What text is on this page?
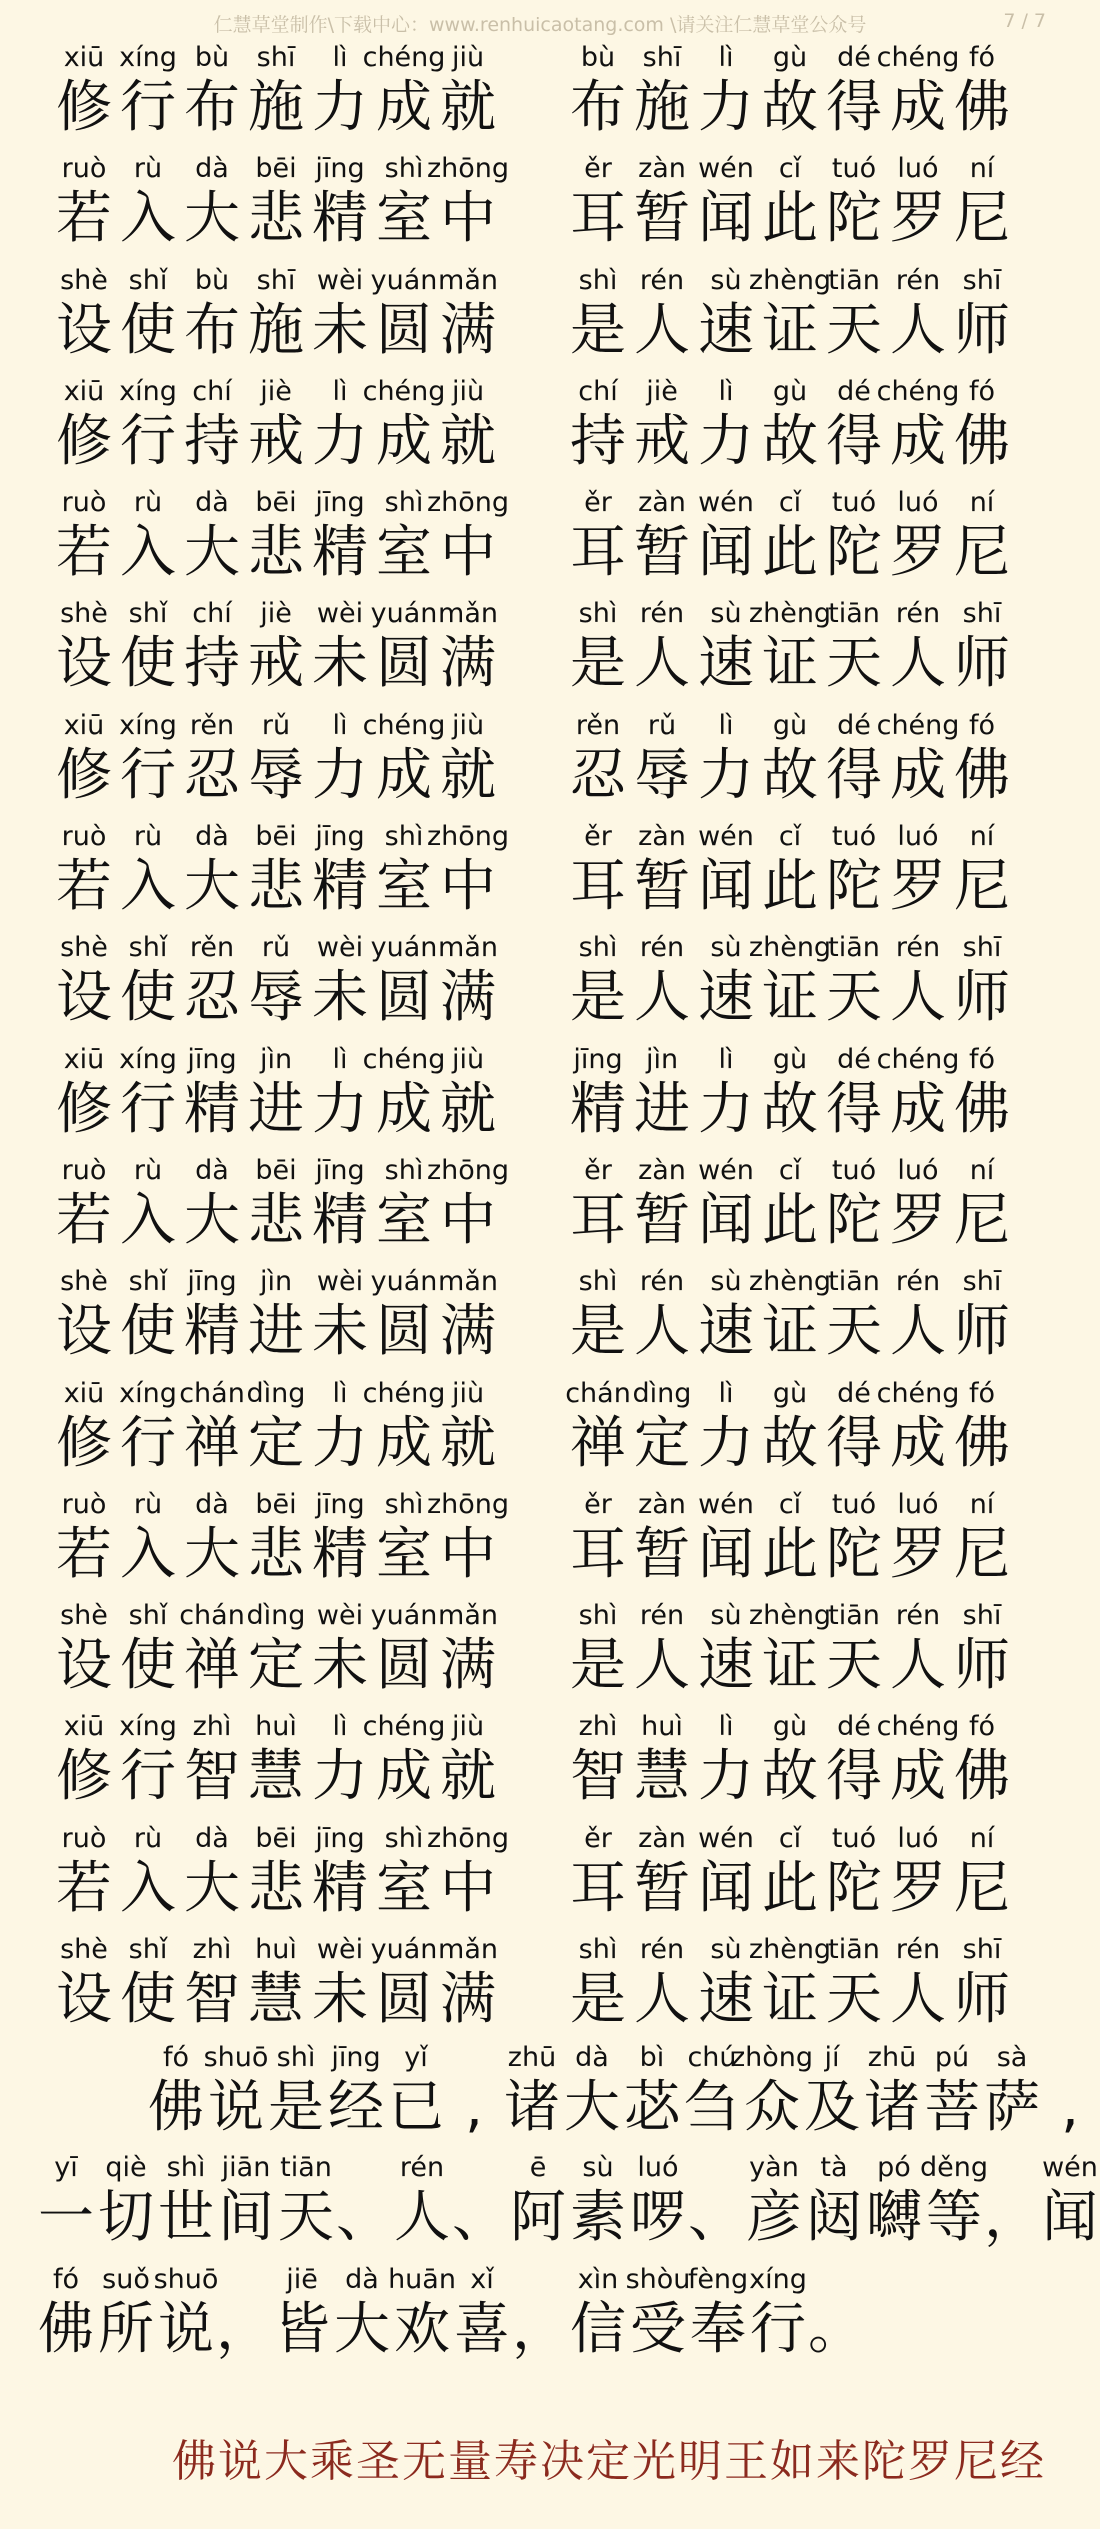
仁慧草堂制作\下载中心：www.renhuicaotang.com \请关注仁慧草堂公众号	7 / 7
xiū
修
xíng
行
bù
布
shī
施
lì
力
chéng
成
jiù
就
bù
布
shī
施
lì
力
gù
故
dé
得
chéng
成
fó
佛
ruò
若
rù
入
dà
大
bēi
悲
jīng
精
shì
室
zhōng
中
ěr
耳
zàn
暂
wén
闻
cǐ
此
tuó
陀
luó
罗
ní
尼
shè
设
shǐ
使
bù
布
shī
施
wèi
未
yuán
圆
mǎn
满
shì
是
rén
人
sù
速
zhèng
证
tiān
天
rén
人
shī
师
xiū
修
xíng
行
chí
持
jiè
戒
lì
力
chéng
成
jiù
就
chí
持
jiè
戒
lì
力
gù
故
dé
得
chéng
成
fó
佛
ruò
若
rù
入
dà
大
bēi
悲
jīng
精
shì
室
zhōng
中
ěr
耳
zàn
暂
wén
闻
cǐ
此
tuó
陀
luó
罗
ní
尼
shè
设
shǐ
使
chí
持
jiè
戒
wèi
未
yuán
圆
mǎn
满
shì
是
rén
人
sù
速
zhèng
证
tiān
天
rén
人
shī
师
xiū
修
xíng
行
rěn
忍
rǔ
辱
lì
力
chéng
成
jiù
就
rěn
忍
rǔ
辱
lì
力
gù
故
dé
得
chéng
成
fó
佛
ruò
若
rù
入
dà
大
bēi
悲
jīng
精
shì
室
zhōng
中
ěr
耳
zàn
暂
wén
闻
cǐ
此
tuó
陀
luó
罗
ní
尼
shè
设
shǐ
使
rěn
忍
rǔ
辱
wèi
未
yuán
圆
mǎn
满
shì
是
rén
人
sù
速
zhèng
证
tiān
天
rén
人
shī
师
xiū
修
xíng
行
jīng
精
jìn
进
lì
力
chéng
成
jiù
就
jīng
精
jìn
进
lì
力
gù
故
dé
得
chéng
成
fó
佛
ruò
若
rù
入
dà
大
bēi
悲
jīng
精
shì
室
zhōng
中
ěr
耳
zàn
暂
wén
闻
cǐ
此
tuó
陀
luó
罗
ní
尼
shè
设
shǐ
使
jīng
精
jìn
进
wèi
未
yuán
圆
mǎn
满
shì
是
rén
人
sù
速
zhèng
证
tiān
天
rén
人
shī
师
xiū
修
xíng
行
chán
禅
dìng
定
lì
力
chéng
成
jiù
就
chán
禅
dìng
定
lì
力
gù
故
dé
得
chéng
成
fó
佛
ruò
若
rù
入
dà
大
bēi
悲
jīng
精
shì
室
zhōng
中
ěr
耳
zàn
暂
wén
闻
cǐ
此
tuó
陀
luó
罗
ní
尼
shè
设
shǐ
使
chán
禅
dìng
定
wèi
未
yuán
圆
mǎn
满
shì
是
rén
人
sù
速
zhèng
证
tiān
天
rén
人
shī
师
xiū
修
xíng
行
zhì
智
huì
慧
lì
力
chéng
成
jiù
就
zhì
智
huì
慧
lì
力
gù
故
dé
得
chéng
成
fó
佛
ruò
若
rù
入
dà
大
bēi
悲
jīng
精
shì
室
zhōng
中
ěr
耳
zàn
暂
wén
闻
cǐ
此
tuó
陀
luó
罗
ní
尼
shè
设
shǐ
使
zhì
智
huì
慧
wèi
未
yuán
圆
mǎn
满
shì
是
rén
人
sù
速
zhèng
证
tiān
天
rén
人
shī
师
fó
佛
shuō
说
shì
是
jīng
经
yǐ
已
,
zhū
诸
dà
大
bì
苾
chú
刍
zhòng
众
jí
及
zhū
诸
pú
菩
sà
萨
,
yī
一
qiè
切
shì
世
jiān
间
tiān
天
、
rén
人
、
ē
阿
sù
素
luó
啰
、
yàn
彦
tà
闼
pó
嚩
děng
等
，
wén
闻
fó
佛
suǒ
所
shuō
说
，
jiē
皆
dà
大
huān
欢
xǐ
喜
，
xìn
信
shòu
受
fèng
奉
xíng
行
。
佛说大乘圣无量寿决定光明王如来陀罗尼经
